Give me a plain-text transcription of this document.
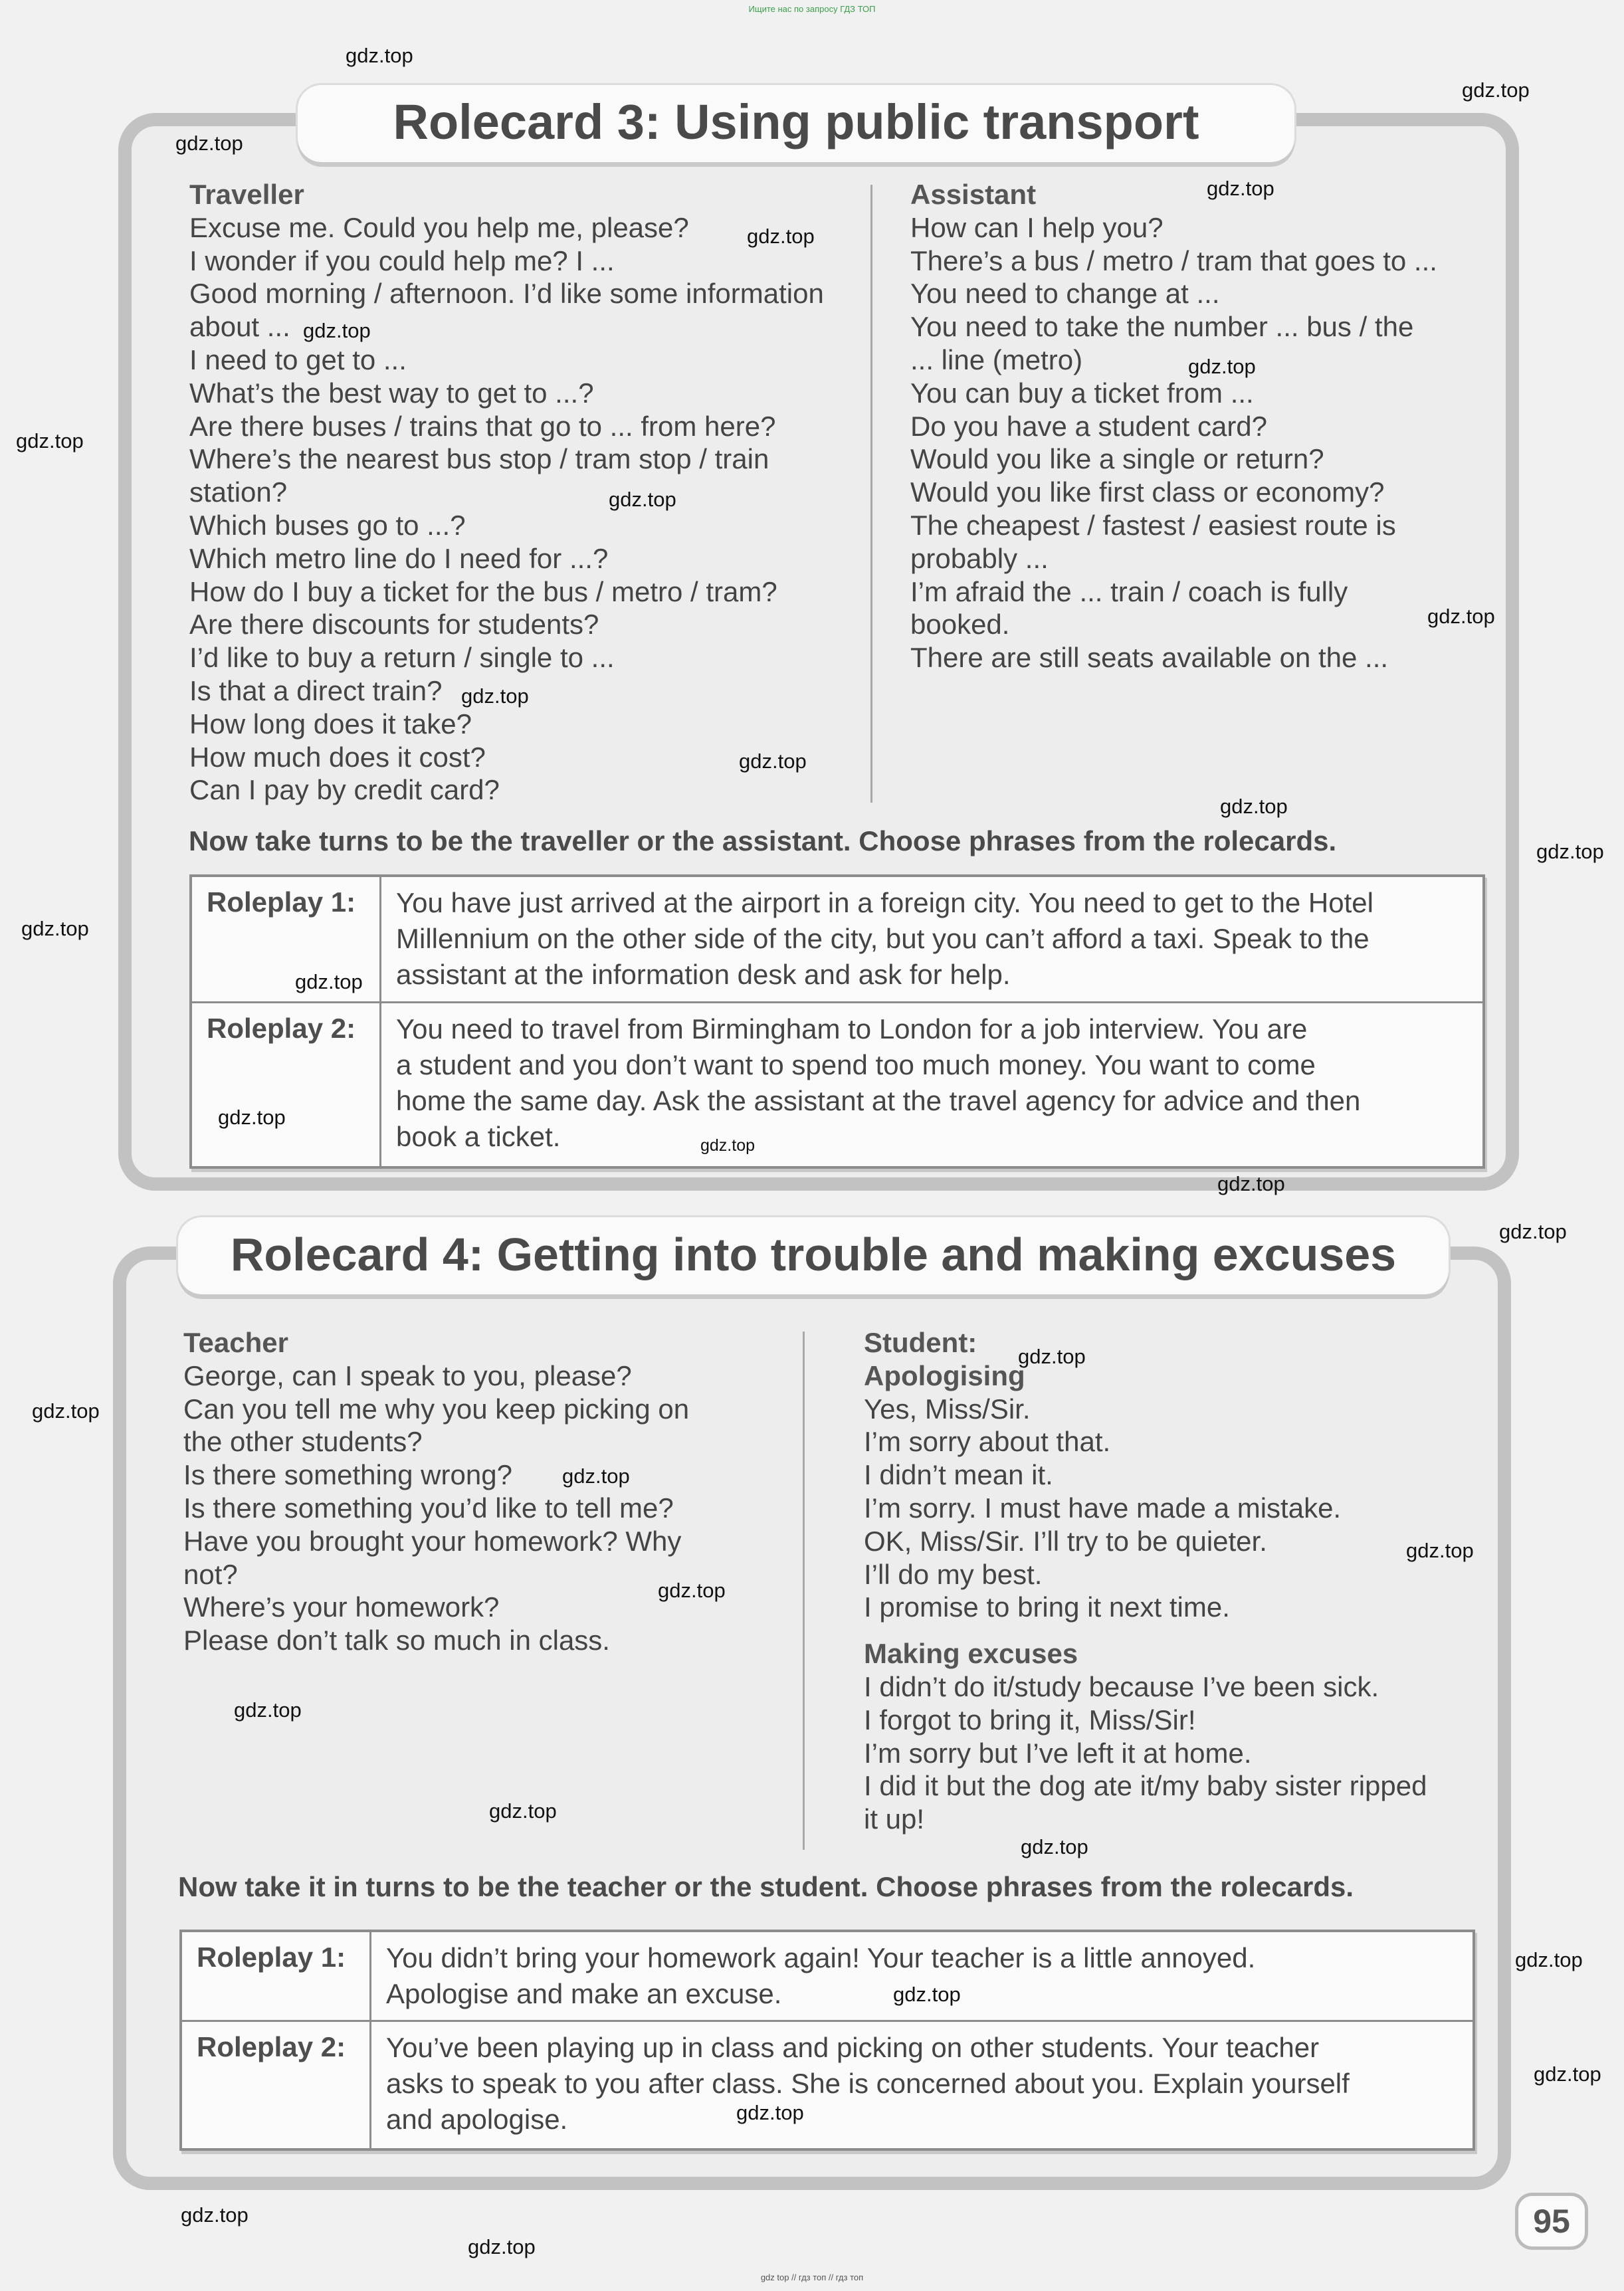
Ищите нас по запросу ГДЗ ТОП
Rolecard 3: Using public transport
Traveller
Excuse me. Could you help me, please?
I wonder if you could help me? I ...
Good morning / afternoon. I’d like some information
about ...
I need to get to ...
What’s the best way to get to ...?
Are there buses / trains that go to ... from here?
Where’s the nearest bus stop / tram stop / train
station?
Which buses go to ...?
Which metro line do I need for ...?
How do I buy a ticket for the bus / metro / tram?
Are there discounts for students?
I’d like to buy a return / single to ...
Is that a direct train?
How long does it take?
How much does it cost?
Can I pay by credit card?
Assistant
How can I help you?
There’s a bus / metro / tram that goes to ...
You need to change at ...
You need to take the number ... bus / the
... line (metro)
You can buy a ticket from ...
Do you have a student card?
Would you like a single or return?
Would you like first class or economy?
The cheapest / fastest / easiest route is
probably ...
I’m afraid the ... train / coach is fully
booked.
There are still seats available on the ...
Now take turns to be the traveller or the assistant. Choose phrases from the rolecards.
Roleplay 1:	You have just arrived at the airport in a foreign city. You need to get to the Hotel
Millennium on the other side of the city, but you can’t afford a taxi. Speak to the
assistant at the information desk and ask for help.
Roleplay 2:	You need to travel from Birmingham to London for a job interview. You are
a student and you don’t want to spend too much money. You want to come
home the same day. Ask the assistant at the travel agency for advice and then
book a ticket.
Rolecard 4: Getting into trouble and making excuses
Teacher
George, can I speak to you, please?
Can you tell me why you keep picking on
the other students?
Is there something wrong?
Is there something you’d like to tell me?
Have you brought your homework? Why
not?
Where’s your homework?
Please don’t talk so much in class.
Student:
Apologising
Yes, Miss/Sir.
I’m sorry about that.
I didn’t mean it.
I’m sorry. I must have made a mistake.
OK, Miss/Sir. I’ll try to be quieter.
I’ll do my best.
I promise to bring it next time.
Making excuses
I didn’t do it/study because I’ve been sick.
I forgot to bring it, Miss/Sir!
I’m sorry but I’ve left it at home.
I did it but the dog ate it/my baby sister ripped
it up!
Now take it in turns to be the teacher or the student. Choose phrases from the rolecards.
Roleplay 1:	You didn’t bring your homework again! Your teacher is a little annoyed.
Apologise and make an excuse.
Roleplay 2:	You’ve been playing up in class and picking on other students. Your teacher
asks to speak to you after class. She is concerned about you. Explain yourself
and apologise.
95
gdz.top
gdz.top
gdz.top
gdz.top
gdz.top
gdz.top
gdz.top
gdz.top
gdz.top
gdz.top
gdz.top
gdz.top
gdz.top
gdz.top
gdz.top
gdz.top
gdz.top
gdz.top
gdz.top
gdz.top
gdz.top
gdz.top
gdz.top
gdz.top
gdz.top
gdz.top
gdz.top
gdz.top
gdz.top
gdz.top
gdz.top
gdz.top
gdz.top
gdz.top
gdz top // гдз топ // гдз топ
